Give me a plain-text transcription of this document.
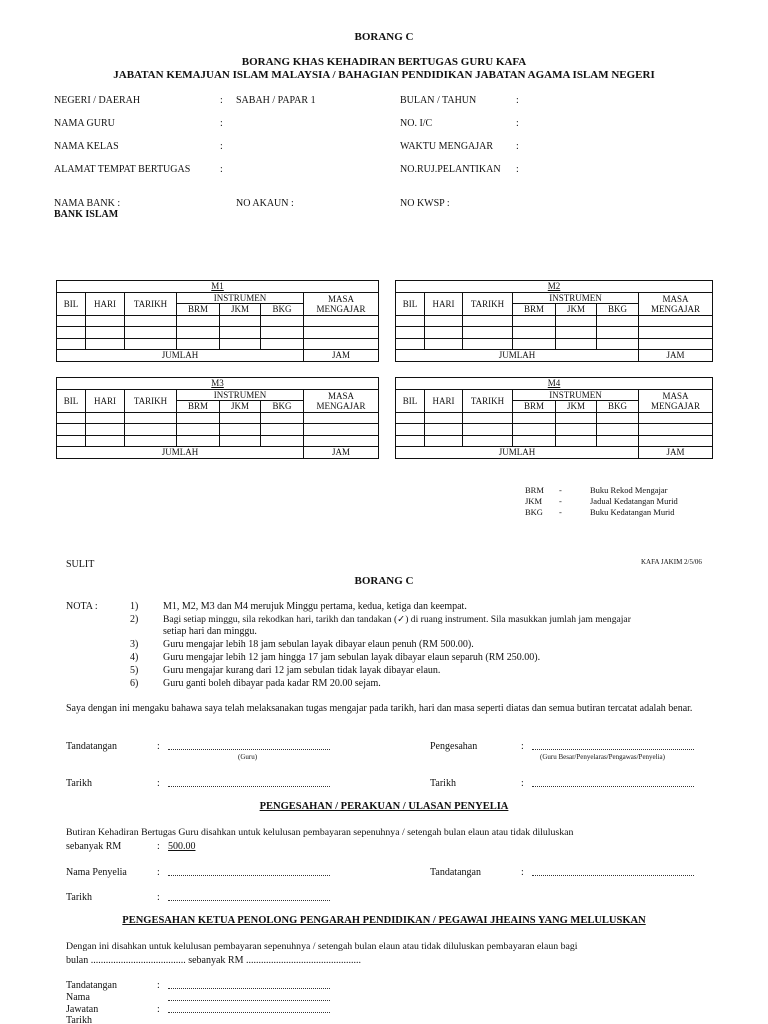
BORANG C
BORANG KHAS KEHADIRAN BERTUGAS GURU KAFA
JABATAN KEMAJUAN ISLAM MALAYSIA / BAHAGIAN PENDIDIKAN JABATAN AGAMA ISLAM NEGERI
NEGERI / DAERAH	: SABAH / PAPAR 1
NAMA GURU	:
NAMA KELAS	:
ALAMAT TEMPAT BERTUGAS	:
BULAN / TAHUN	:
NO. I/C	:
WAKTU MENGAJAR :
NO.RUJ.PELANTIKAN :
NAMA BANK :
BANK ISLAM
NO AKAUN :	NO KWSP :
M1						
BIL	HARI	TARIKH	INSTRUMEN			MASA
MENGAJAR
			BRM	JKM	BKG	

JUMLAH						JAM
M2						
BIL	HARI	TARIKH	INSTRUMEN			MASA
MENGAJAR
			BRM	JKM	BKG	

JUMLAH						JAM
M3						
BIL	HARI	TARIKH	INSTRUMEN			MASA
MENGAJAR
			BRM	JKM	BKG	

JUMLAH						JAM
M4						
BIL	HARI	TARIKH	INSTRUMEN			MASA
MENGAJAR
			BRM	JKM	BKG	

JUMLAH						JAM
BRM -	Buku Rekod Mengajar
JKM -	Jadual Kedatangan Murid
BKG -	Buku Kedatangan Murid
SULIT	KAFA JAKIM 2/5/06
BORANG C
NOTA :	1) M1, M2, M3 dan M4 merujuk Minggu pertama, kedua, ketiga dan keempat.
2)	Bagi setiap minggu, sila rekodkan hari, tarikh dan tandakan (✓) di ruang instrument. Sila masukkan jumlah jam mengajar
setiap hari dan minggu.
3) Guru mengajar lebih 18 jam sebulan layak dibayar elaun penuh (RM 500.00).
4) Guru mengajar lebih 12 jam hingga 17 jam sebulan layak dibayar elaun separuh (RM 250.00).
5) Guru mengajar kurang dari 12 jam sebulan tidak layak dibayar elaun.
6) Guru ganti boleh dibayar pada kadar RM 20.00 sejam.
Saya dengan ini mengaku bahawa saya telah melaksanakan tugas mengajar pada tarikh, hari dan masa seperti diatas dan semua butiran tercatat adalah benar.
Tandatangan	:
(Guru)
Pengesahan	:
(Guru Besar/Penyelaras/Pengawas/Penyelia)
Tarikh	:	Tarikh	:
PENGESAHAN / PERAKUAN / ULASAN PENYELIA
Butiran Kehadiran Bertugas Guru disahkan untuk kelulusan pembayaran sepenuhnya / setengah bulan elaun atau tidak diluluskan
sebanyak RM	: 500.00
Nama Penyelia	:	Tandatangan	:
Tarikh	:
PENGESAHAN KETUA PENOLONG PENGARAH PENDIDIKAN / PEGAWAI JHEAINS YANG MELULUSKAN
Dengan ini disahkan untuk kelulusan pembayaran sepenuhnya / setengah bulan elaun atau tidak diluluskan pembayaran elaun bagi
bulan ...................................... sebanyak RM ..............................................
Tandatangan	:
Nama
Jawatan	:
Tarikh
